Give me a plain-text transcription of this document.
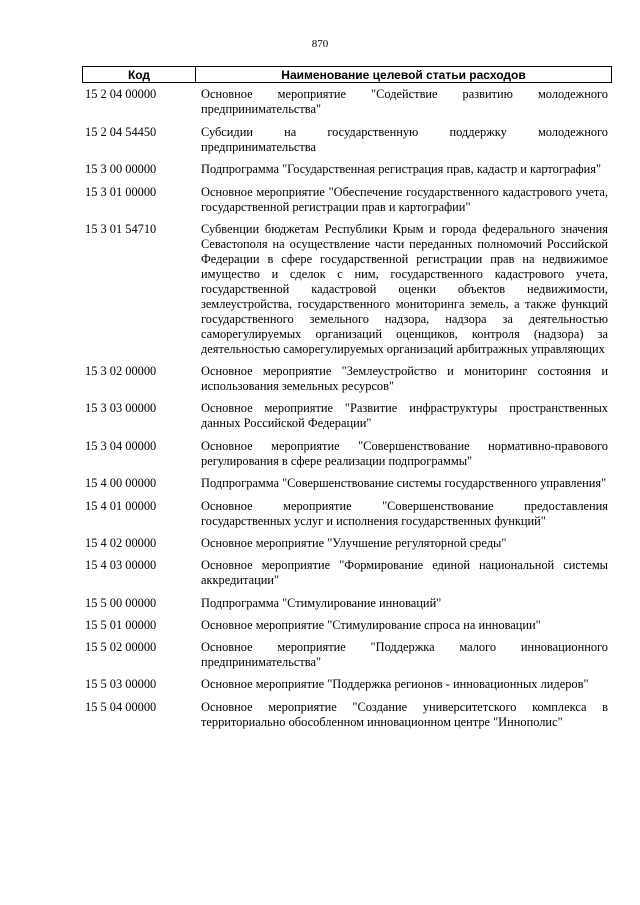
870
Код	Наименование целевой статьи расходов
15 2 04 00000	Основное мероприятие "Содействие развитию молодежного предпринимательства"
15 2 04 54450	Субсидии на государственную поддержку молодежного предпринимательства
15 3 00 00000	Подпрограмма "Государственная регистрация прав, кадастр и картография"
15 3 01 00000	Основное мероприятие "Обеспечение государственного кадастрового учета, государственной регистрации прав и картографии"
15 3 01 54710	Субвенции бюджетам Республики Крым и города федерального значения Севастополя на осуществление части переданных полномочий Российской Федерации в сфере государственной регистрации прав на недвижимое имущество и сделок с ним, государственного кадастрового учета, государственной кадастровой оценки объектов недвижимости, землеустройства, государственного мониторинга земель, а также функций государственного земельного надзора, надзора за деятельностью саморегулируемых организаций оценщиков, контроля (надзора) за деятельностью саморегулируемых организаций арбитражных управляющих
15 3 02 00000	Основное мероприятие "Землеустройство и мониторинг состояния и использования земельных ресурсов"
15 3 03 00000	Основное мероприятие "Развитие инфраструктуры пространственных данных Российской Федерации"
15 3 04 00000	Основное мероприятие "Совершенствование нормативно-правового регулирования в сфере реализации подпрограммы"
15 4 00 00000	Подпрограмма "Совершенствование системы государственного управления"
15 4 01 00000	Основное мероприятие "Совершенствование предоставления государственных услуг и исполнения государственных функций"
15 4 02 00000	Основное мероприятие "Улучшение регуляторной среды"
15 4 03 00000	Основное мероприятие "Формирование единой национальной системы аккредитации"
15 5 00 00000	Подпрограмма "Стимулирование инноваций"
15 5 01 00000	Основное мероприятие "Стимулирование спроса на инновации"
15 5 02 00000	Основное мероприятие "Поддержка малого инновационного предпринимательства"
15 5 03 00000	Основное мероприятие "Поддержка регионов - инновационных лидеров"
15 5 04 00000	Основное мероприятие "Создание университетского комплекса в территориально обособленном инновационном центре "Иннополис"
